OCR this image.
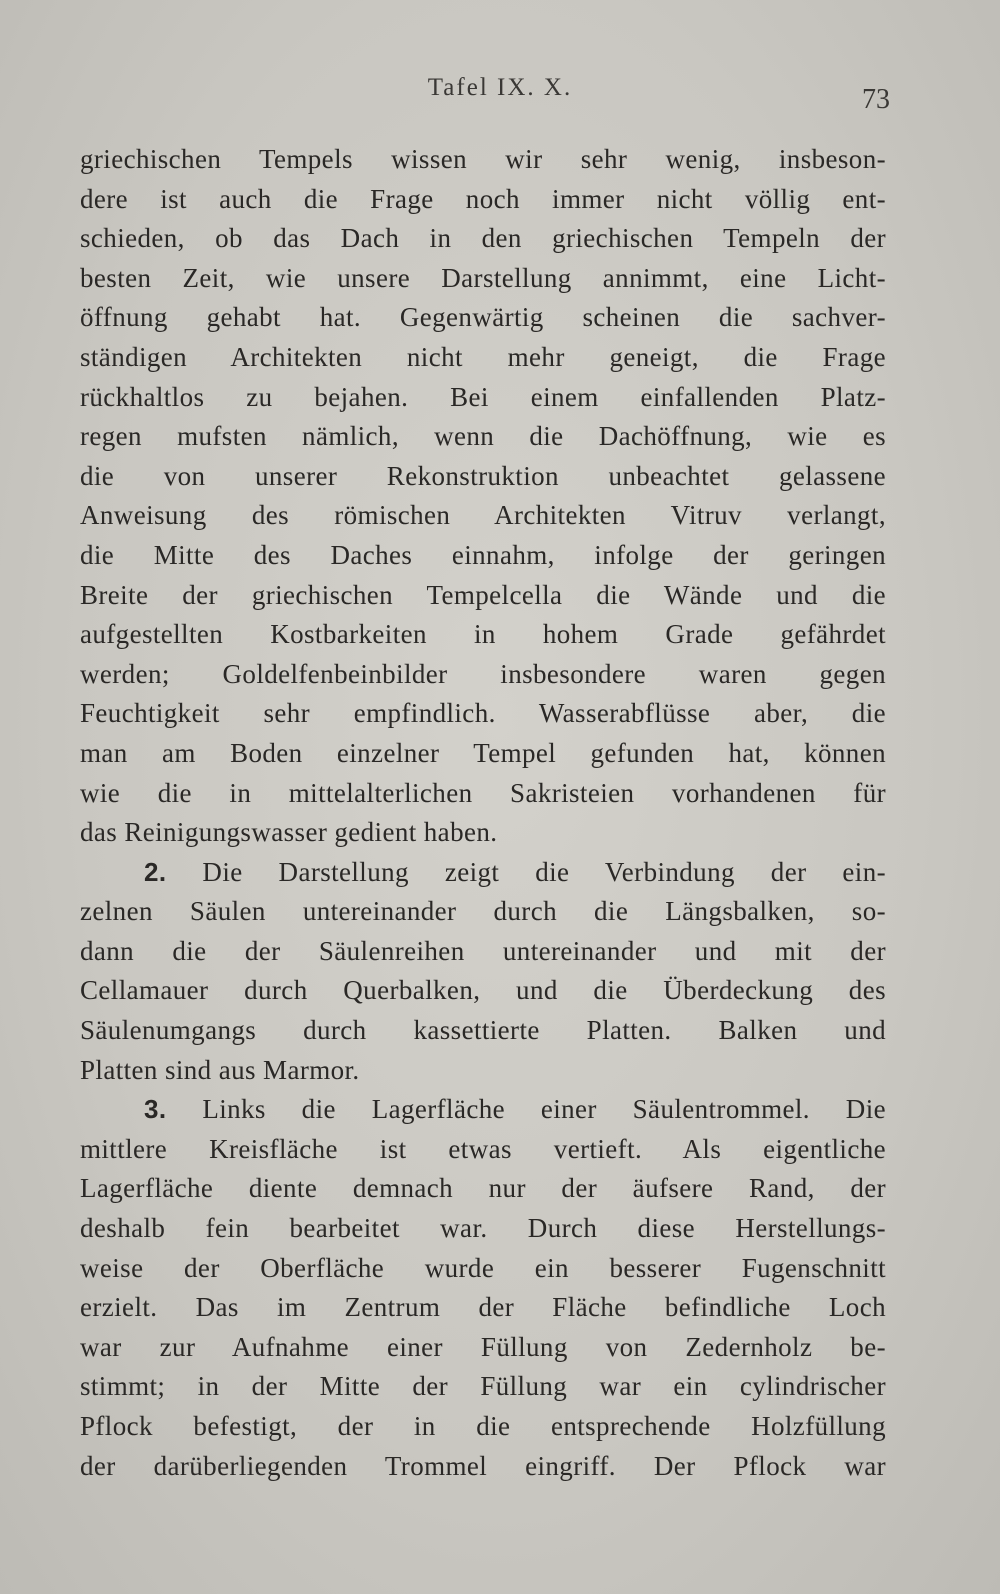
Tafel IX. X.	73
griechischen Tempels wissen wir sehr wenig, insbeson-
dere ist auch die Frage noch immer nicht völlig ent-
schieden, ob das Dach in den griechischen Tempeln der
besten Zeit, wie unsere Darstellung annimmt, eine Licht-
öffnung gehabt hat. Gegenwärtig scheinen die sachver-
ständigen Architekten nicht mehr geneigt, die Frage
rückhaltlos zu bejahen. Bei einem einfallenden Platz-
regen mufsten nämlich, wenn die Dachöffnung, wie es
die von unserer Rekonstruktion unbeachtet gelassene
Anweisung des römischen Architekten Vitruv verlangt,
die Mitte des Daches einnahm, infolge der geringen
Breite der griechischen Tempelcella die Wände und die
aufgestellten Kostbarkeiten in hohem Grade gefährdet
werden; Goldelfenbeinbilder insbesondere waren gegen
Feuchtigkeit sehr empfindlich. Wasserabflüsse aber, die
man am Boden einzelner Tempel gefunden hat, können
wie die in mittelalterlichen Sakristeien vorhandenen für
das Reinigungswasser gedient haben.
2. Die Darstellung zeigt die Verbindung der ein-
zelnen Säulen untereinander durch die Längsbalken, so-
dann die der Säulenreihen untereinander und mit der
Cellamauer durch Querbalken, und die Überdeckung des
Säulenumgangs durch kassettierte Platten. Balken und
Platten sind aus Marmor.
3. Links die Lagerfläche einer Säulentrommel. Die
mittlere Kreisfläche ist etwas vertieft. Als eigentliche
Lagerfläche diente demnach nur der äufsere Rand, der
deshalb fein bearbeitet war. Durch diese Herstellungs-
weise der Oberfläche wurde ein besserer Fugenschnitt
erzielt. Das im Zentrum der Fläche befindliche Loch
war zur Aufnahme einer Füllung von Zedernholz be-
stimmt; in der Mitte der Füllung war ein cylindrischer
Pflock befestigt, der in die entsprechende Holzfüllung
der darüberliegenden Trommel eingriff. Der Pflock war
